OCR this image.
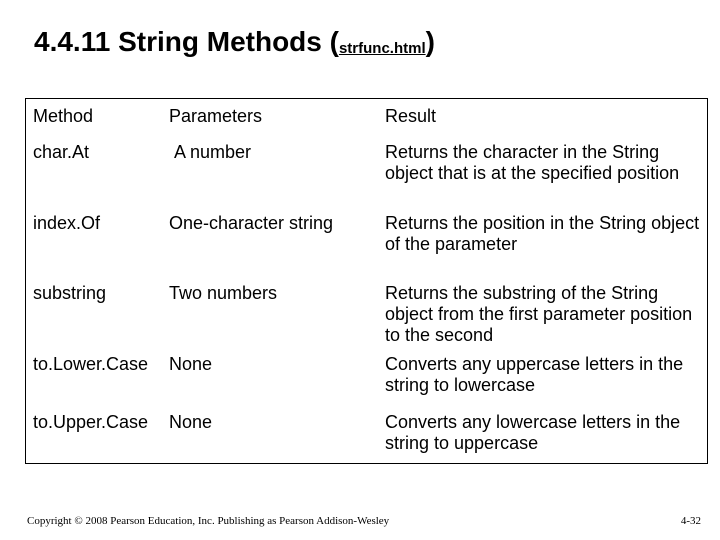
4.4.11 String Methods (strfunc.html)
Method	Parameters	Result
char.At	A number	Returns the character in the String object that is at the specified position
index.Of	One-character string	Returns the position in the String object of the parameter
substring	Two numbers	Returns the substring of the String object from the first parameter position to the second
to.Lower.Case	None	Converts any uppercase letters in the string to lowercase
to.Upper.Case	None	Converts any lowercase letters in the string to uppercase
Copyright © 2008 Pearson Education, Inc. Publishing as Pearson Addison-Wesley	4-32
